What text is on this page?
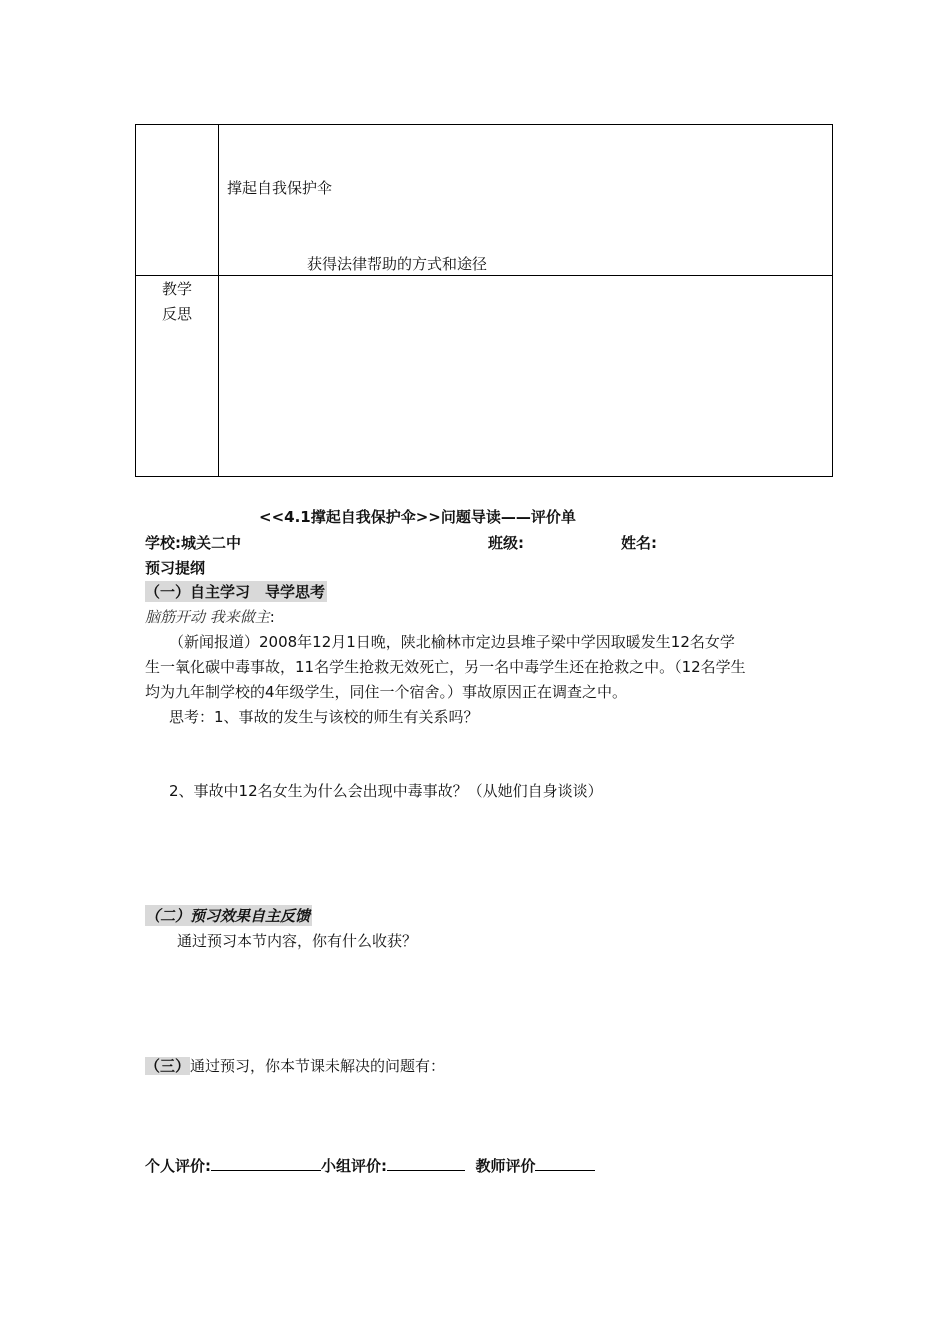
撑起自我保护伞
获得法律帮助的方式和途径
教学
反思
<<4.1撑起自我保护伞>>问题导读——评价单
学校:城关二中	班级:	姓名:
预习提纲
（一）自主学习　导学思考
脑筋开动 我来做主:
（新闻报道）2008年12月1日晚，陕北榆林市定边县堆子梁中学因取暖发生12名女学
生一氧化碳中毒事故，11名学生抢救无效死亡，另一名中毒学生还在抢救之中。（12名学生
均为九年制学校的4年级学生，同住一个宿舍。）事故原因正在调查之中。
思考：1、事故的发生与该校的师生有关系吗？
2、事故中12名女生为什么会出现中毒事故？（从她们自身谈谈）
（二）预习效果自主反馈
通过预习本节内容，你有什么收获？
（三）通过预习，你本节课未解决的问题有：
个人评价:	小组评价:	教师评价
